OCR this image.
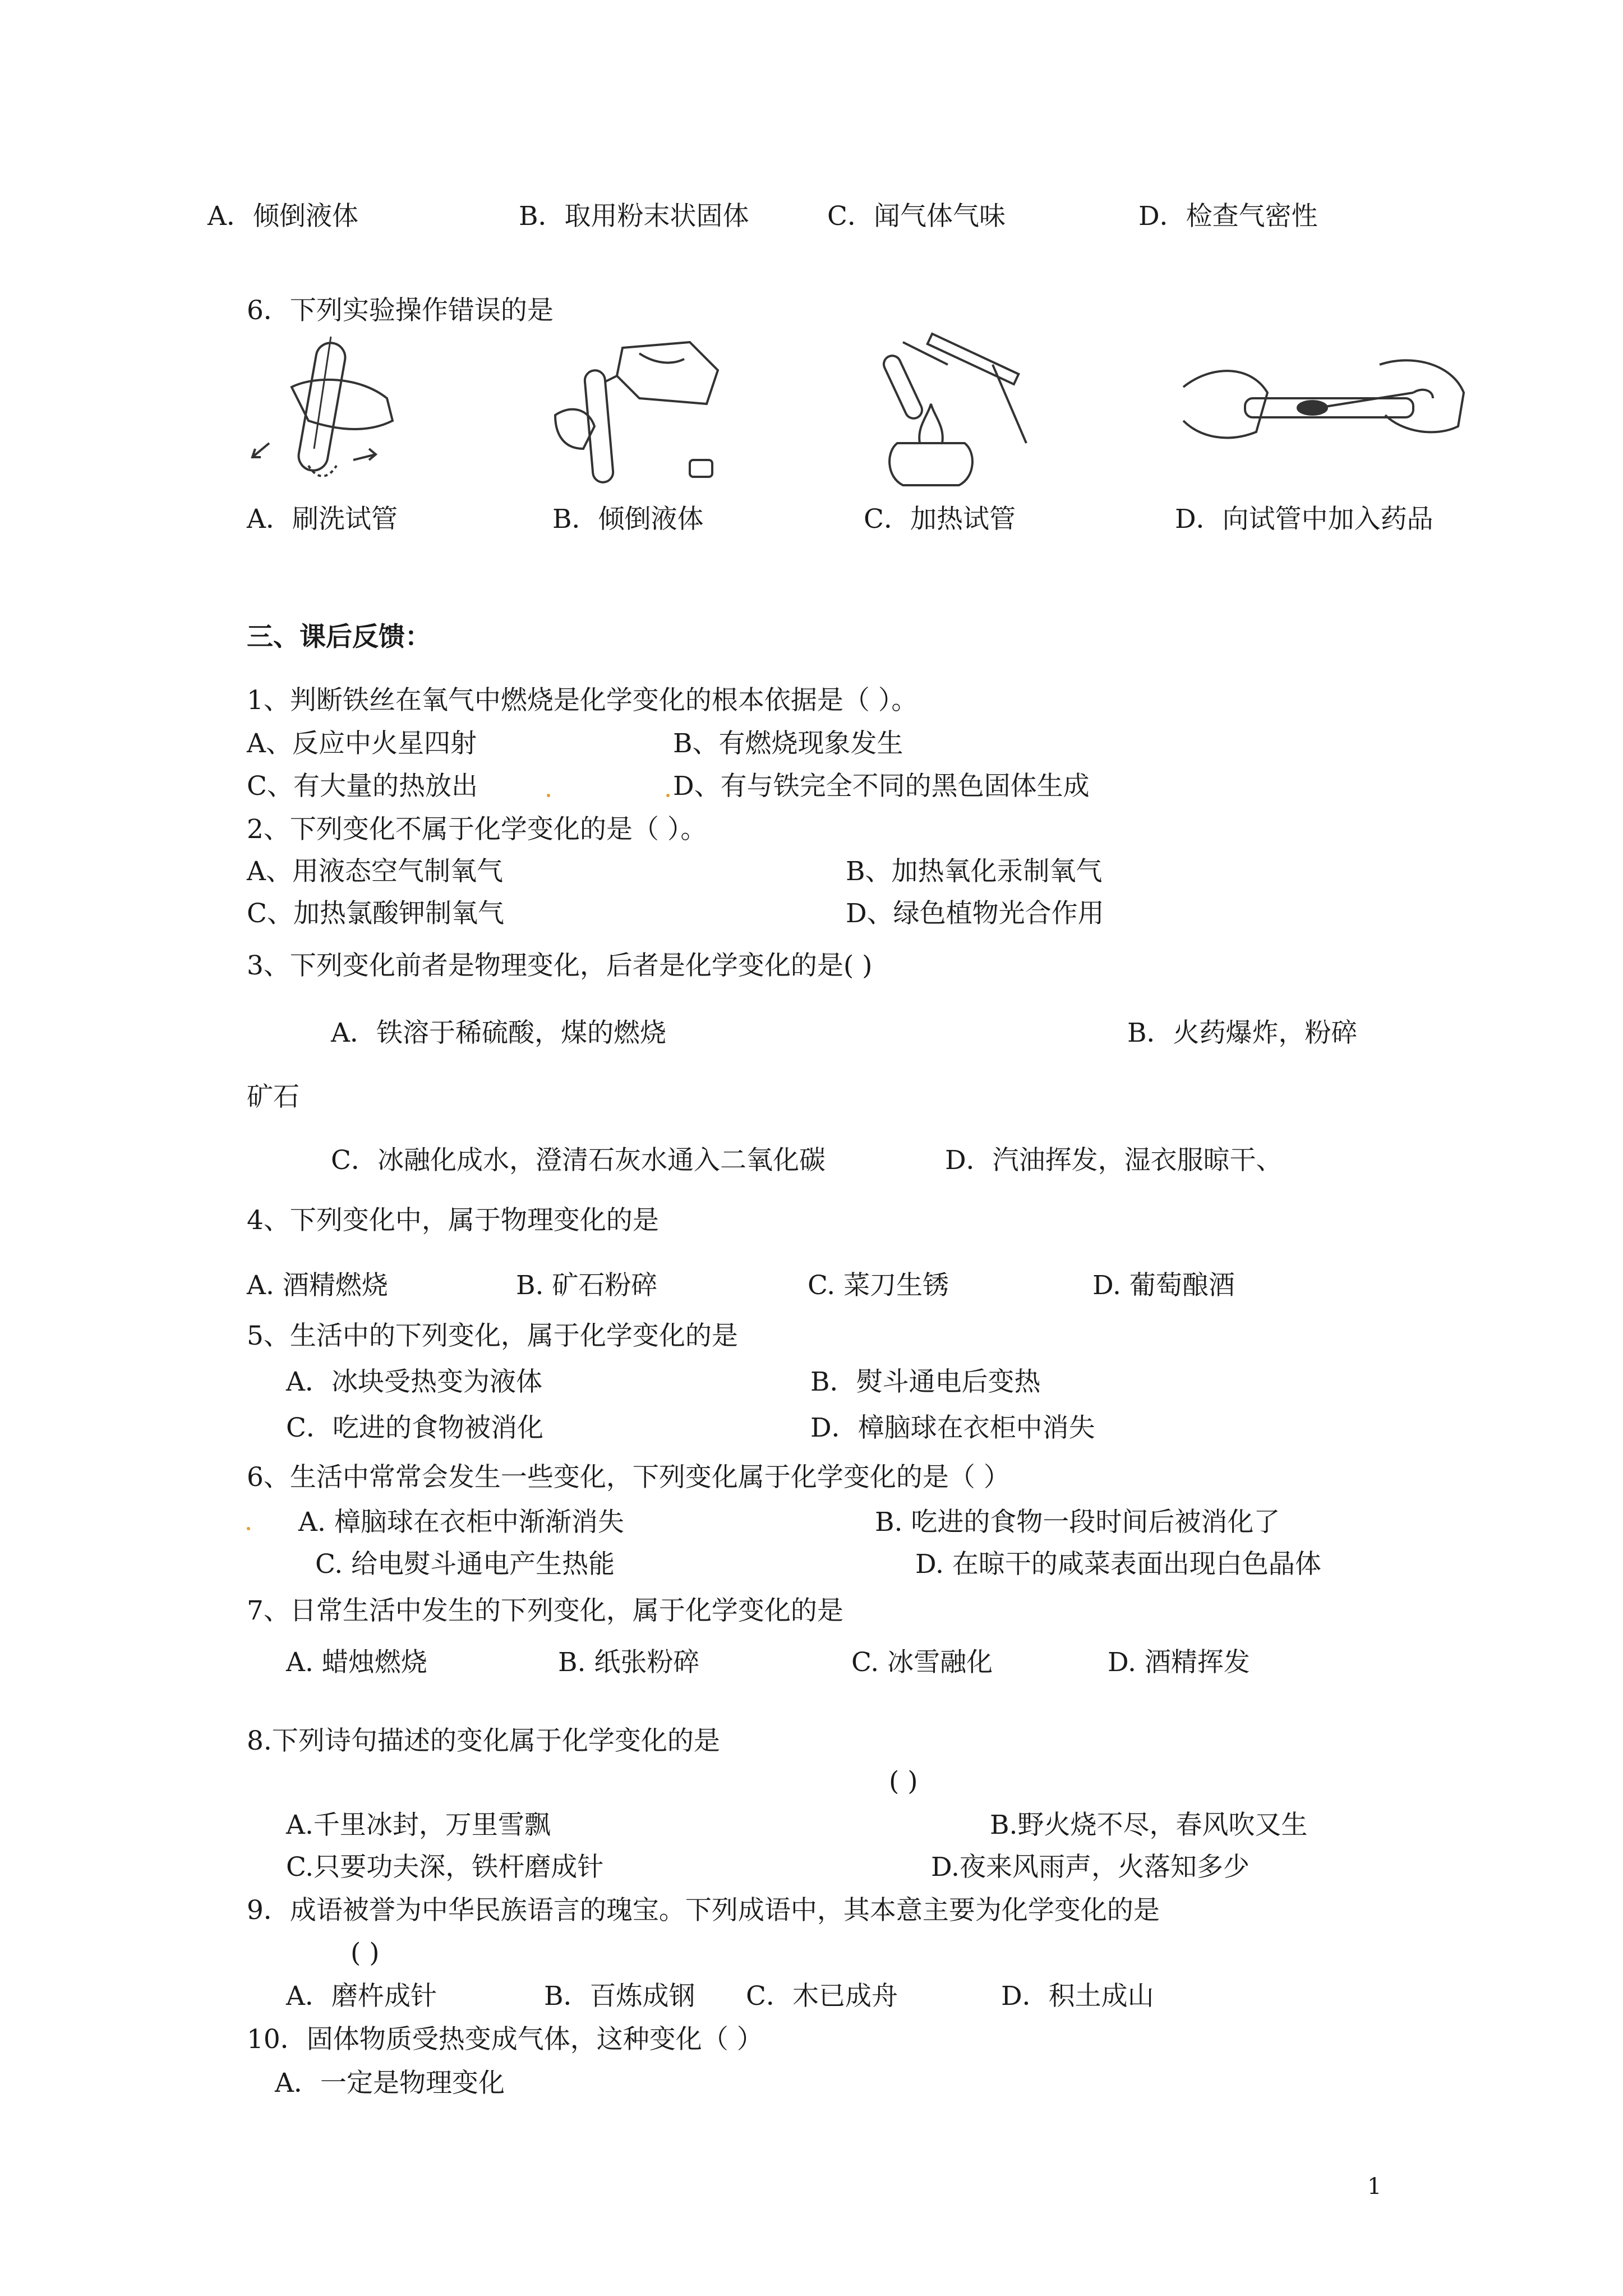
A．倾倒液体	B．取用粉末状固体	C．闻气体气味	D．检查气密性
6．下列实验操作错误的是
A．刷洗试管	B．倾倒液体	C．加热试管	D．向试管中加入药品
三、课后反馈：
1、判断铁丝在氧气中燃烧是化学变化的根本依据是（ ）。
A、反应中火星四射	B、有燃烧现象发生
C、有大量的热放出	D、有与铁完全不同的黑色固体生成
2、下列变化不属于化学变化的是（ ）。
A、用液态空气制氧气	B、加热氧化汞制氧气
C、加热氯酸钾制氧气	D、绿色植物光合作用
3、下列变化前者是物理变化，后者是化学变化的是( )
A．铁溶于稀硫酸，煤的燃烧	B．火药爆炸，粉碎
矿石
C．冰融化成水，澄清石灰水通入二氧化碳	D．汽油挥发，湿衣服晾干、
4、下列变化中，属于物理变化的是
A. 酒精燃烧	B. 矿石粉碎	C. 菜刀生锈	D. 葡萄酿酒
5、生活中的下列变化，属于化学变化的是
A．冰块受热变为液体	B．熨斗通电后变热
C．吃进的食物被消化	D．樟脑球在衣柜中消失
6、生活中常常会发生一些变化，下列变化属于化学变化的是（ ）
A. 樟脑球在衣柜中渐渐消失	B. 吃进的食物一段时间后被消化了
C. 给电熨斗通电产生热能	D. 在晾干的咸菜表面出现白色晶体
7、日常生活中发生的下列变化，属于化学变化的是
A. 蜡烛燃烧	B. 纸张粉碎	C. 冰雪融化	D. 酒精挥发
8.下列诗句描述的变化属于化学变化的是
( )
A.千里冰封，万里雪飘	B.野火烧不尽，春风吹又生
C.只要功夫深，铁杆磨成针	D.夜来风雨声，火落知多少
9．成语被誉为中华民族语言的瑰宝。下列成语中，其本意主要为化学变化的是
( )
A．磨杵成针	B．百炼成钢 C．木已成舟	D．积土成山
10．固体物质受热变成气体，这种变化（ ）
A．一定是物理变化
1
